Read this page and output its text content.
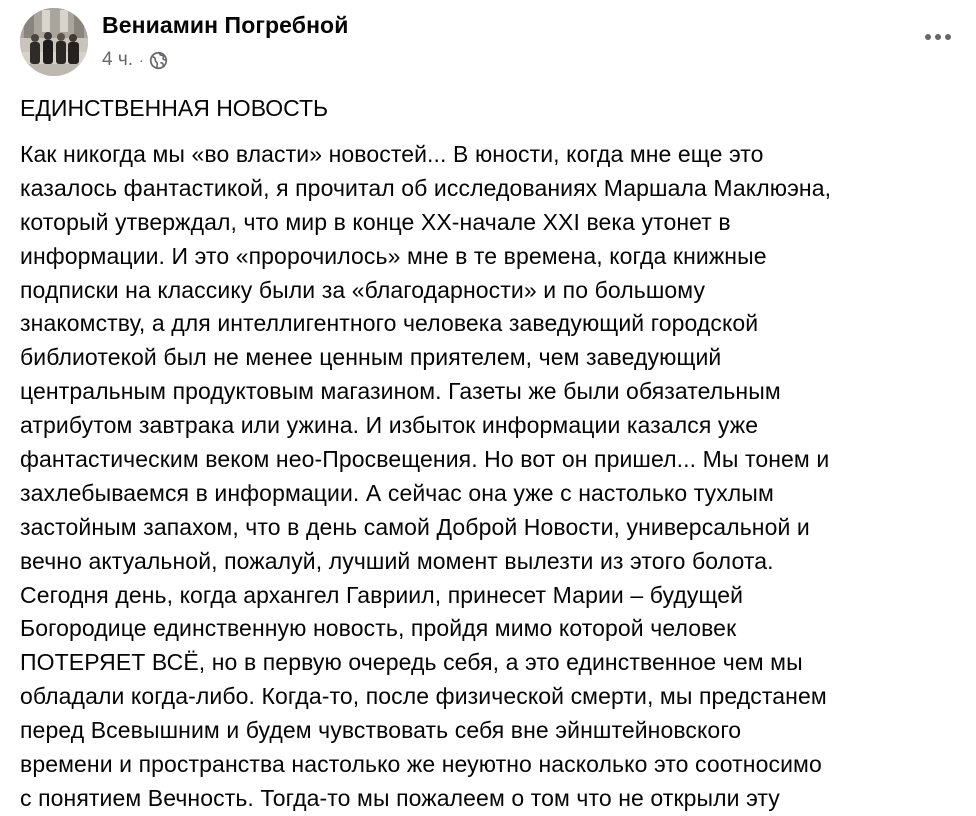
Вениамин Погребной
4 ч. ·
ЕДИНСТВЕННАЯ НОВОСТЬ
Как никогда мы «во власти» новостей... В юности, когда мне еще это
казалось фантастикой, я прочитал об исследованиях Маршала Маклюэна,
который утверждал, что мир в конце XX-начале XXI века утонет в
информации. И это «пророчилось» мне в те времена, когда книжные
подписки на классику были за «благодарности» и по большому
знакомству, а для интеллигентного человека заведующий городской
библиотекой был не менее ценным приятелем, чем заведующий
центральным продуктовым магазином. Газеты же были обязательным
атрибутом завтрака или ужина. И избыток информации казался уже
фантастическим веком нео-Просвещения. Но вот он пришел... Мы тонем и
захлебываемся в информации. А сейчас она уже с настолько тухлым
застойным запахом, что в день самой Доброй Новости, универсальной и
вечно актуальной, пожалуй, лучший момент вылезти из этого болота.
Сегодня день, когда архангел Гавриил, принесет Марии – будущей
Богородице единственную новость, пройдя мимо которой человек
ПОТЕРЯЕТ ВСЁ, но в первую очередь себя, а это единственное чем мы
обладали когда-либо. Когда-то, после физической смерти, мы предстанем
перед Всевышним и будем чувствовать себя вне эйнштейновского
времени и пространства настолько же неуютно насколько это соотносимо
с понятием Вечность. Тогда-то мы пожалеем о том что не открыли эту
